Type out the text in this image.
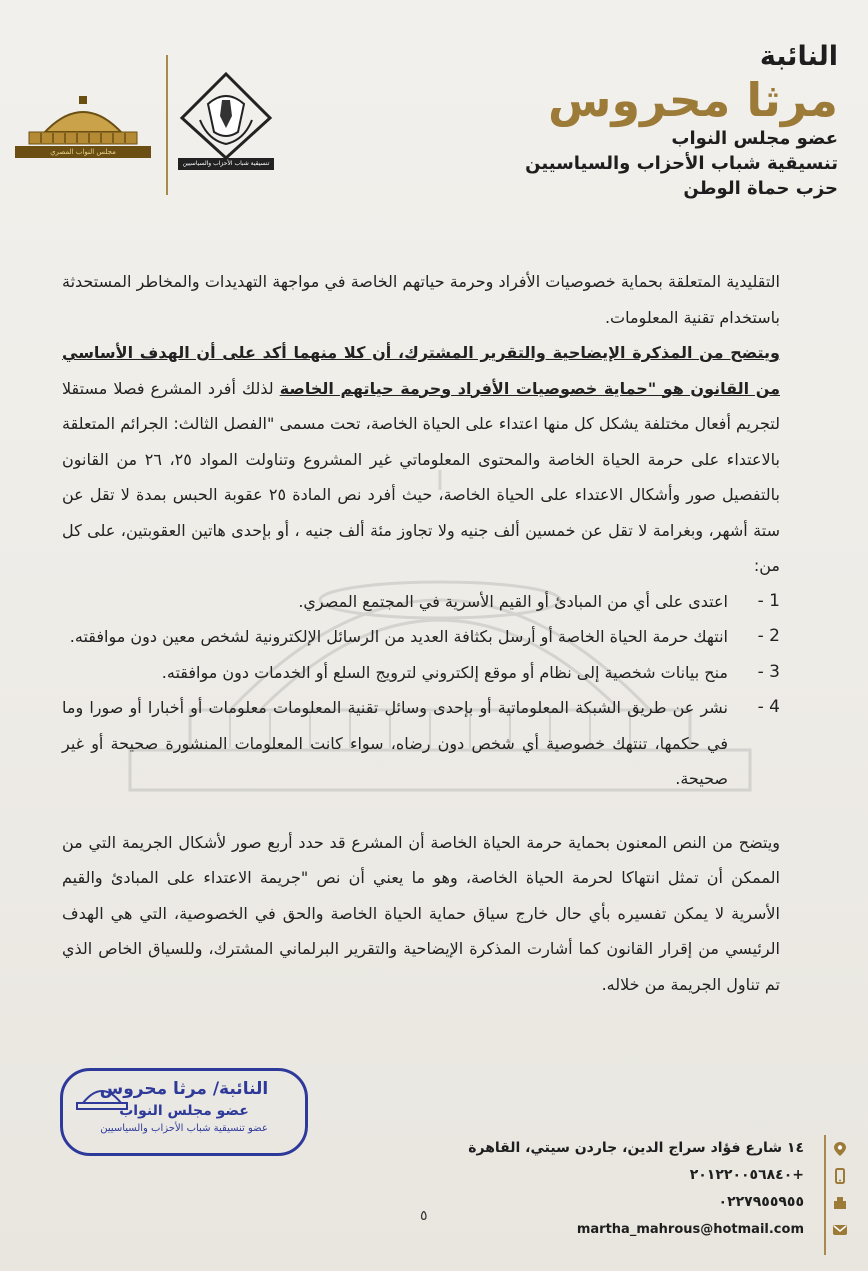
النائبة
مرثا محروس
عضو مجلس النواب
تنسيقية شباب الأحزاب والسياسيين
حزب حماة الوطن
تنسيقية شباب الأحزاب والسياسيين
مجلس النواب المصري

التقليدية المتعلقة بحماية خصوصيات الأفراد وحرمة حياتهم الخاصة في مواجهة التهديدات والمخاطر المستحدثة باستخدام تقنية المعلومات.

ويتضح من المذكرة الإيضاحية والتقرير المشترك، أن كلا منهما أكد على أن الهدف الأساسي من القانون هو "حماية خصوصيات الأفراد وحرمة حياتهم الخاصة لذلك أفرد المشرع فصلا مستقلا لتجريم أفعال مختلفة يشكل كل منها اعتداء على الحياة الخاصة، تحت مسمى "الفصل الثالث: الجرائم المتعلقة بالاعتداء على حرمة الحياة الخاصة والمحتوى المعلوماتي غير المشروع وتناولت المواد ٢٥، ٢٦ من القانون بالتفصيل صور وأشكال الاعتداء على الحياة الخاصة، حيث أفرد نص المادة ٢٥ عقوبة الحبس بمدة لا تقل عن ستة أشهر، وبغرامة لا تقل عن خمسين ألف جنيه ولا تجاوز مئة ألف جنيه ، أو بإحدى هاتين العقوبتين، على كل من:

1 -
اعتدى على أي من المبادئ أو القيم الأسرية في المجتمع المصري.
2 -
انتهك حرمة الحياة الخاصة أو أرسل بكثافة العديد من الرسائل الإلكترونية لشخص معين دون موافقته.
3 -
منح بيانات شخصية إلى نظام أو موقع إلكتروني لترويج السلع أو الخدمات دون موافقته.
4 -
نشر عن طريق الشبكة المعلوماتية أو بإحدى وسائل تقنية المعلومات معلومات أو أخبارا أو صورا وما في حكمها، تنتهك خصوصية أي شخص دون رضاه، سواء كانت المعلومات المنشورة صحيحة أو غير صحيحة.

ويتضح من النص المعنون بحماية حرمة الحياة الخاصة أن المشرع قد حدد أربع صور لأشكال الجريمة التي من الممكن أن تمثل انتهاكا لحرمة الحياة الخاصة، وهو ما يعني أن نص "جريمة الاعتداء على المبادئ والقيم الأسرية لا يمكن تفسيره بأي حال خارج سياق حماية الحياة الخاصة والحق في الخصوصية، التي هي الهدف الرئيسي من إقرار القانون كما أشارت المذكرة الإيضاحية والتقرير البرلماني المشترك، وللسياق الخاص الذي تم تناول الجريمة من خلاله.

النائبة/ مرثا محروس
عضو مجلس النواب
عضو تنسيقية شباب الأحزاب والسياسيين
١٤ شارع فؤاد سراج الدين، جاردن سيتي، القاهرة
+٢٠١٢٢٠٠٥٦٨٤٠
٠٢٢٧٩٥٥٩٥٥
martha_mahrous@hotmail.com
٥
